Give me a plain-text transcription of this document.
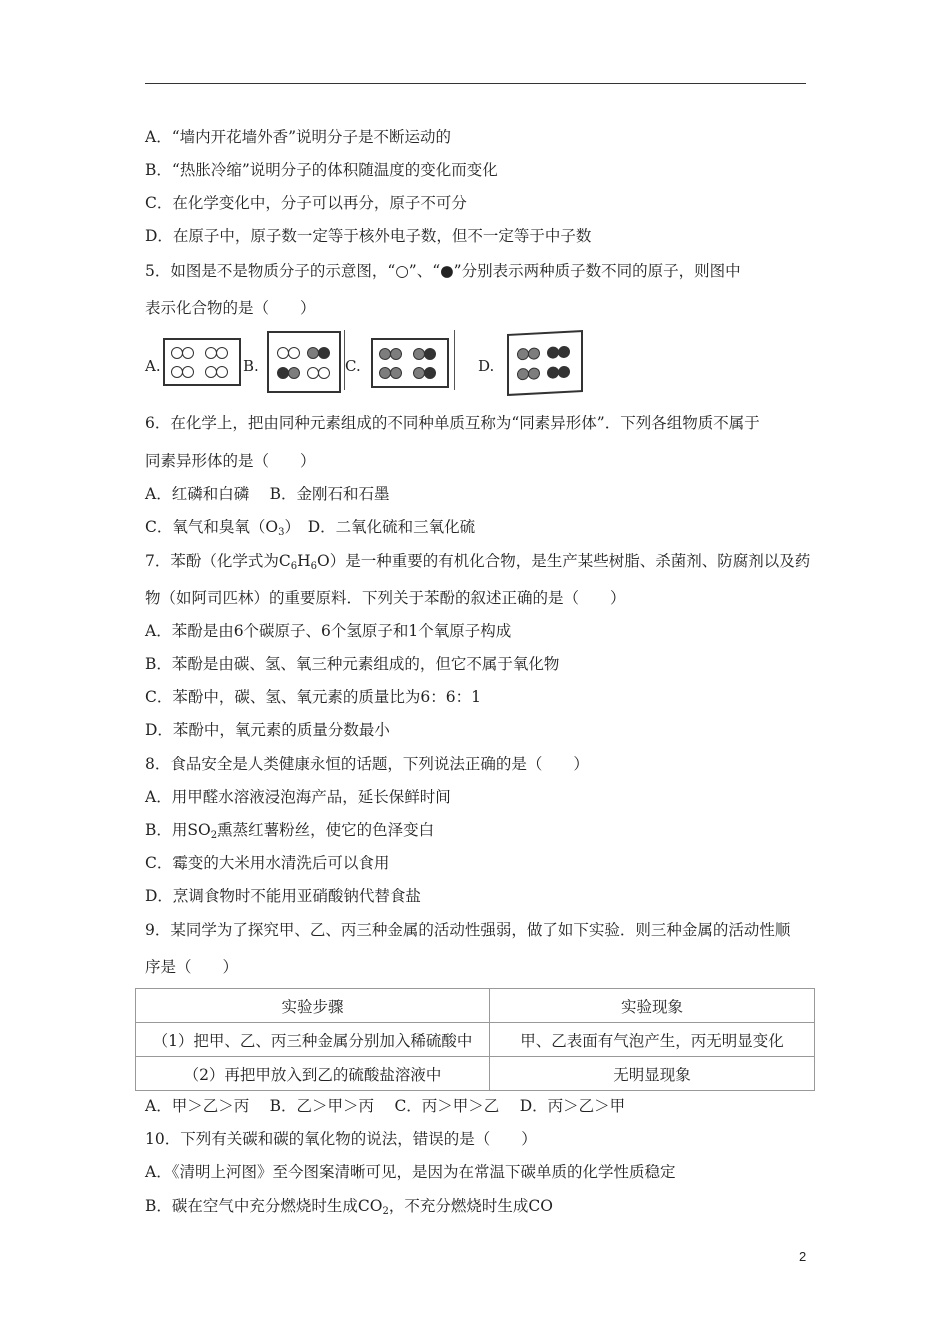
A．“墙内开花墙外香”说明分子是不断运动的
B．“热胀冷缩”说明分子的体积随温度的变化而变化
C．在化学变化中，分子可以再分，原子不可分
D．在原子中，原子数一定等于核外电子数，但不一定等于中子数
5．如图是不是物质分子的示意图，“○”、“●”分别表示两种质子数不同的原子，则图中
表示化合物的是（　　）
A.	B.	C.	D.
6．在化学上，把由同种元素组成的不同种单质互称为“同素异形体”．下列各组物质不属于
同素异形体的是（　　）
A．红磷和白磷　 B．金刚石和石墨
C．氧气和臭氧$(O_3)$　D．二氧化硫和三氧化硫
7．苯酚（化学式为$C_6H_6O$）是一种重要的有机化合物，是生产某些树脂、杀菌剂、防腐剂以及药
物（如阿司匹林）的重要原料．下列关于苯酚的叙述正确的是（　　）
A．苯酚是由6个碳原子、6个氢原子和1个氧原子构成
B．苯酚是由碳、氢、氧三种元素组成的，但它不属于氧化物
C．苯酚中，碳、氢、氧元素的质量比为6：6：1
D．苯酚中，氧元素的质量分数最小
8．食品安全是人类健康永恒的话题，下列说法正确的是（　　）
A．用甲醛水溶液浸泡海产品，延长保鲜时间
B．用$SO_2$熏蒸红薯粉丝，使它的色泽变白
C．霉变的大米用水清洗后可以食用
D．烹调食物时不能用亚硝酸钠代替食盐
9．某同学为了探究甲、乙、丙三种金属的活动性强弱，做了如下实验．则三种金属的活动性顺
序是（　　）
实验步骤	实验现象
（1）把甲、乙、丙三种金属分别加入稀硫酸中	甲、乙表面有气泡产生，丙无明显变化
（2）再把甲放入到乙的硫酸盐溶液中	无明显现象
A．甲＞乙＞丙　 B．乙＞甲＞丙　 C．丙＞甲＞乙　 D．丙＞乙＞甲
10．下列有关碳和碳的氧化物的说法，错误的是（　　）
A．《清明上河图》至今图案清晰可见，是因为在常温下碳单质的化学性质稳定
B．碳在空气中充分燃烧时生成$CO_2$，不充分燃烧时生成CO
2
